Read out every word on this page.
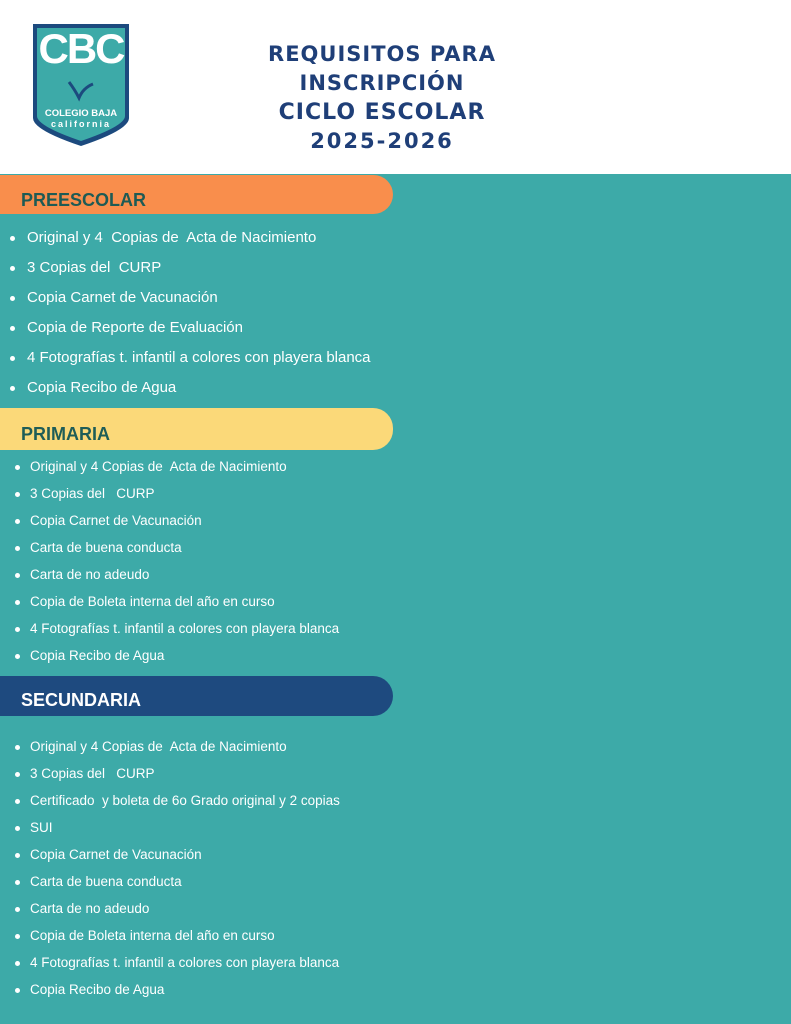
CBC
COLEGIO BAJA
california
REQUISITOS PARA
INSCRIPCIÓN
CICLO ESCOLAR
2025-2026
PREESCOLAR
Original y 4  Copias de  Acta de Nacimiento
3 Copias del  CURP
Copia Carnet de Vacunación
Copia de Reporte de Evaluación
4 Fotografías t. infantil a colores con playera blanca
Copia Recibo de Agua
PRIMARIA
Original y 4 Copias de  Acta de Nacimiento
3 Copias del   CURP
Copia Carnet de Vacunación
Carta de buena conducta
Carta de no adeudo
Copia de Boleta interna del año en curso
4 Fotografías t. infantil a colores con playera blanca
Copia Recibo de Agua
SECUNDARIA
Original y 4 Copias de  Acta de Nacimiento
3 Copias del   CURP
Certificado  y boleta de 6o Grado original y 2 copias
SUI
Copia Carnet de Vacunación
Carta de buena conducta
Carta de no adeudo
Copia de Boleta interna del año en curso
4 Fotografías t. infantil a colores con playera blanca
Copia Recibo de Agua
